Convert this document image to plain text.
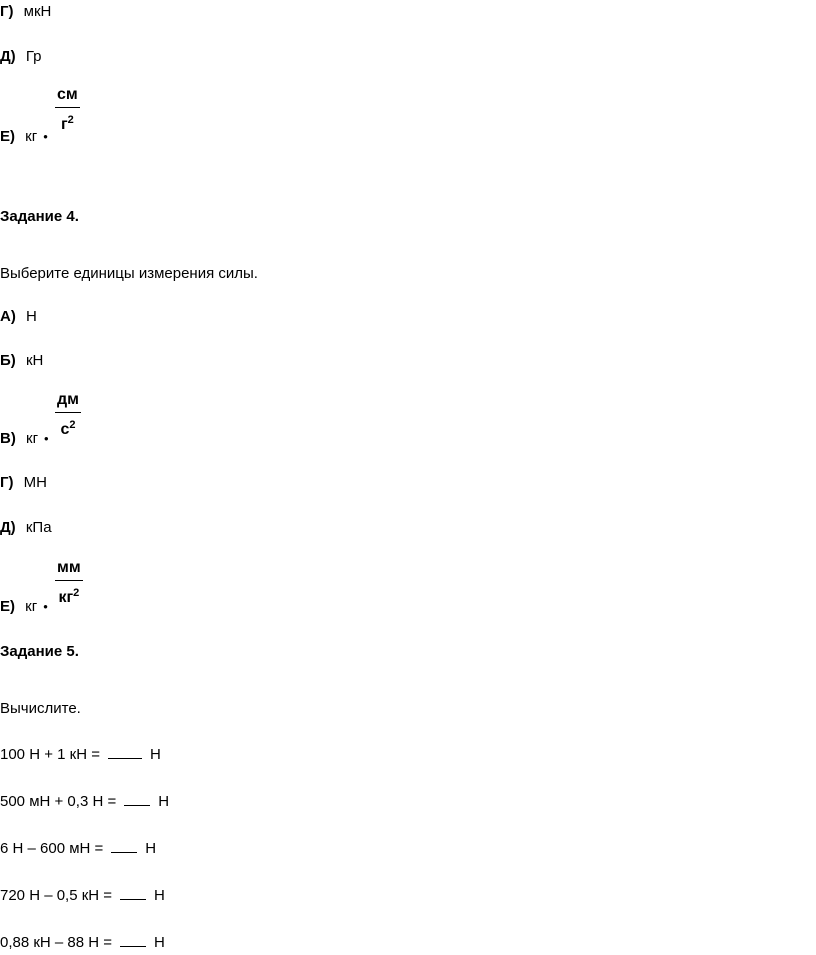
Г) мкН
Д) Гр
см
$г^2$
Е) кг •
Задание 4.
Выберите единицы измерения силы.
А) Н
Б) кН
дм
$с^2$
В) кг •
Г) МН
Д) кПа
мм
$кг^2$
Е) кг •
Задание 5.
Вычислите.
100 Н + 1 кН =	Н
500 мН + 0,3 Н =	Н
6 Н – 600 мН =	Н
720 Н – 0,5 кН =	Н
0,88 кН – 88 Н =	Н
